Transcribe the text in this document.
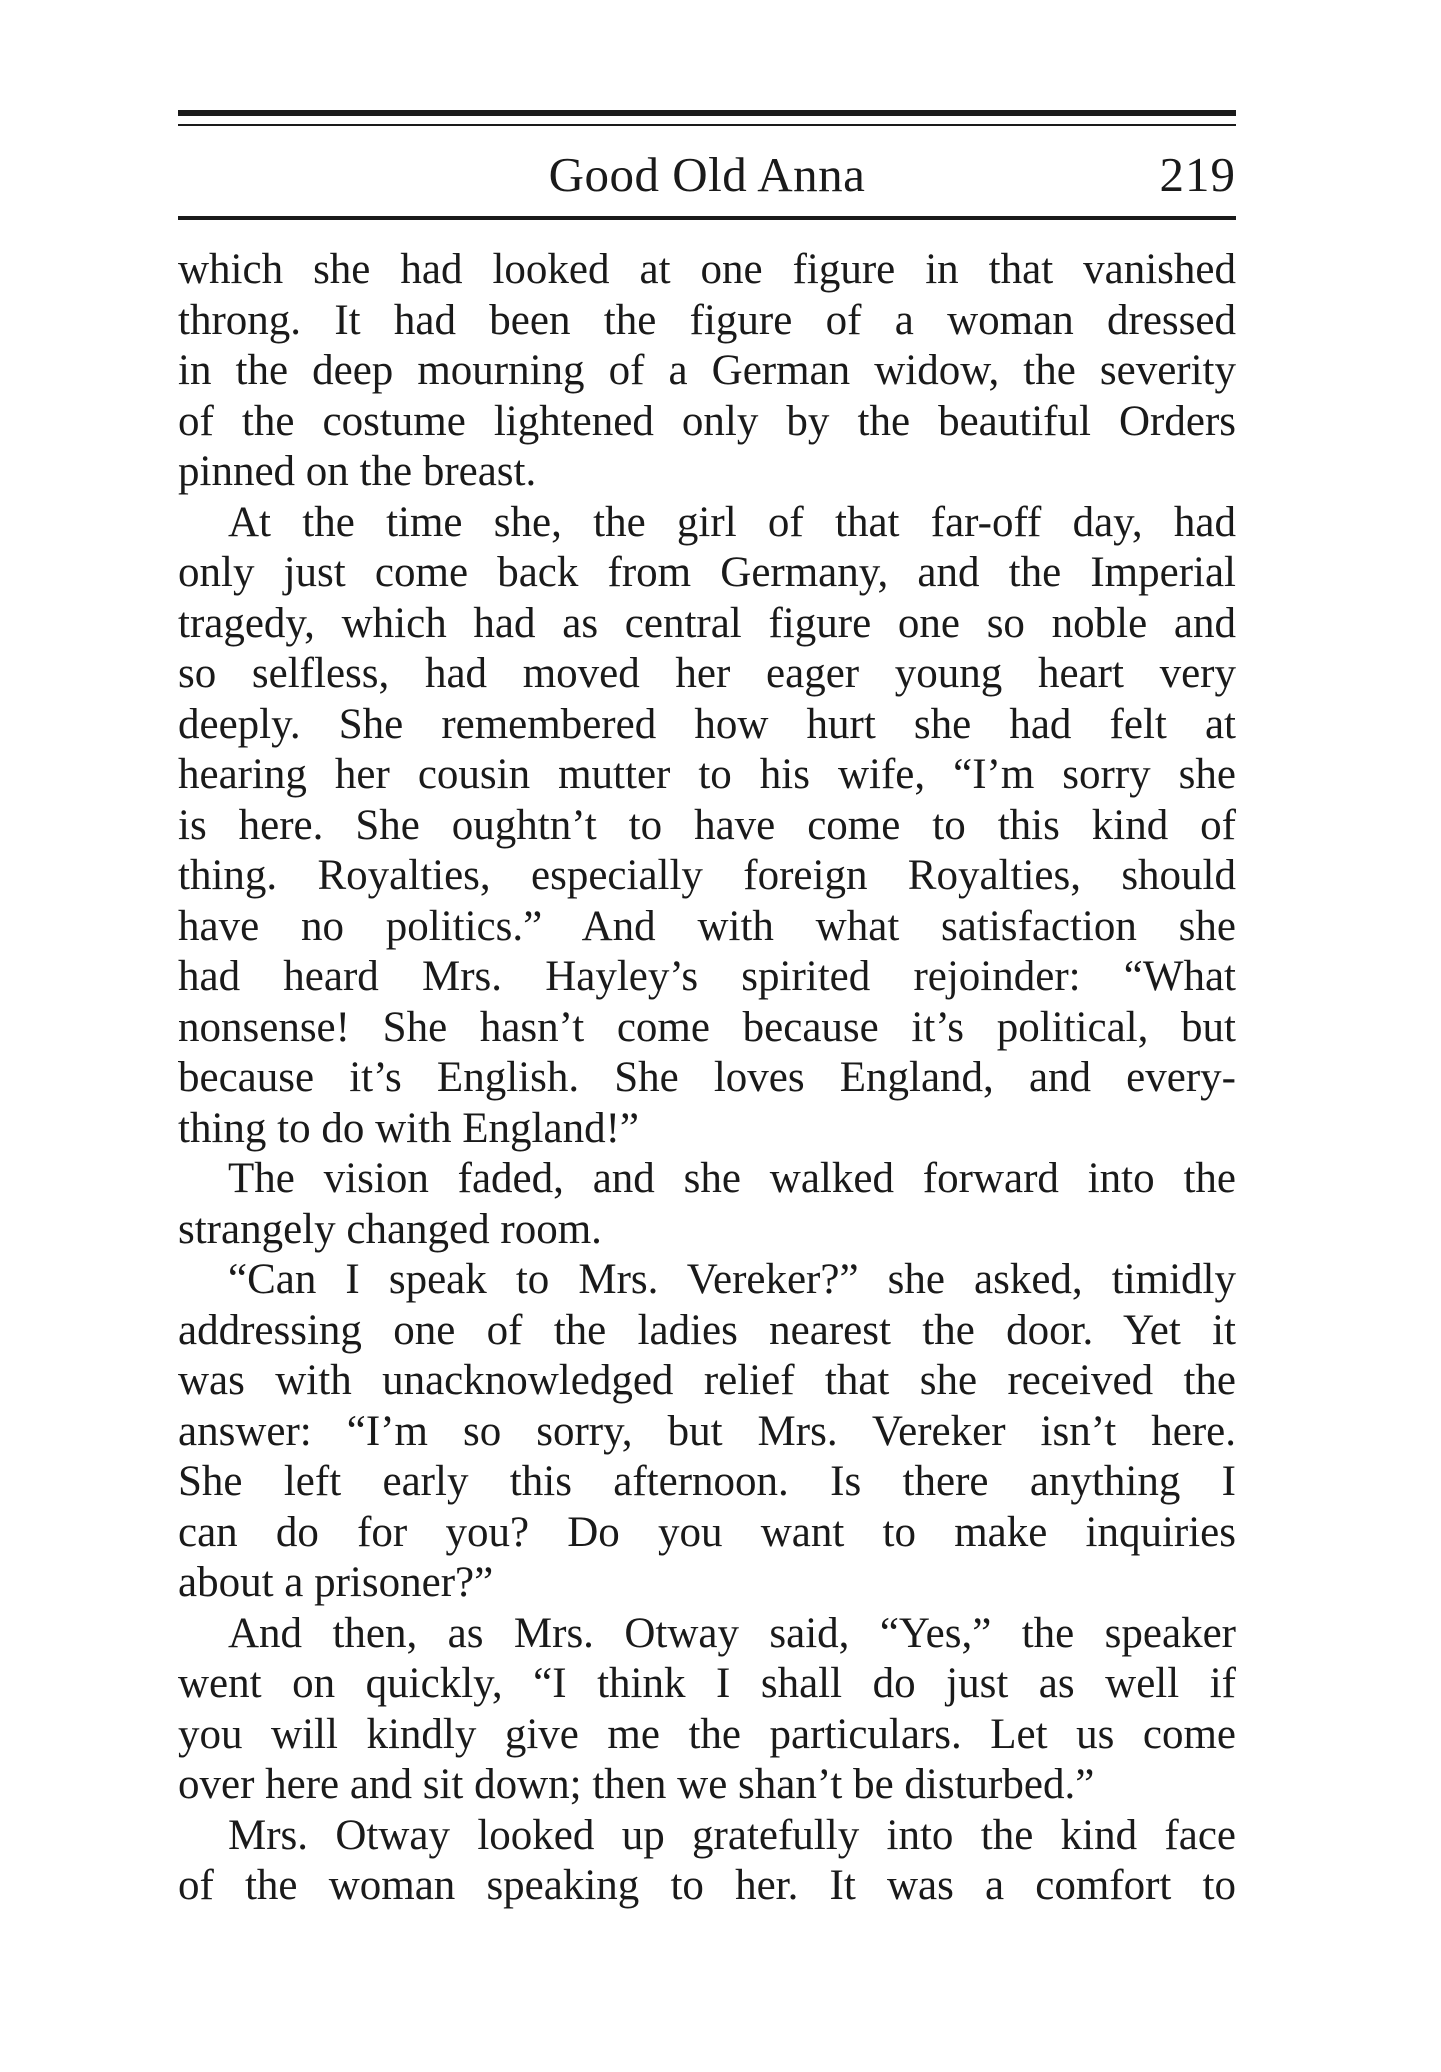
Good Old Anna	219
which she had looked at one figure in that vanished
throng. It had been the figure of a woman dressed
in the deep mourning of a German widow, the severity
of the costume lightened only by the beautiful Orders
pinned on the breast.
At the time she, the girl of that far-off day, had
only just come back from Germany, and the Imperial
tragedy, which had as central figure one so noble and
so selfless, had moved her eager young heart very
deeply. She remembered how hurt she had felt at
hearing her cousin mutter to his wife, “I’m sorry she
is here. She oughtn’t to have come to this kind of
thing. Royalties, especially foreign Royalties, should
have no politics.” And with what satisfaction she
had heard Mrs. Hayley’s spirited rejoinder: “What
nonsense! She hasn’t come because it’s political, but
because it’s English. She loves England, and every-
thing to do with England!”
The vision faded, and she walked forward into the
strangely changed room.
“Can I speak to Mrs. Vereker?” she asked, timidly
addressing one of the ladies nearest the door. Yet it
was with unacknowledged relief that she received the
answer: “I’m so sorry, but Mrs. Vereker isn’t here.
She left early this afternoon. Is there anything I
can do for you? Do you want to make inquiries
about a prisoner?”
And then, as Mrs. Otway said, “Yes,” the speaker
went on quickly, “I think I shall do just as well if
you will kindly give me the particulars. Let us come
over here and sit down; then we shan’t be disturbed.”
Mrs. Otway looked up gratefully into the kind face
of the woman speaking to her. It was a comfort to
